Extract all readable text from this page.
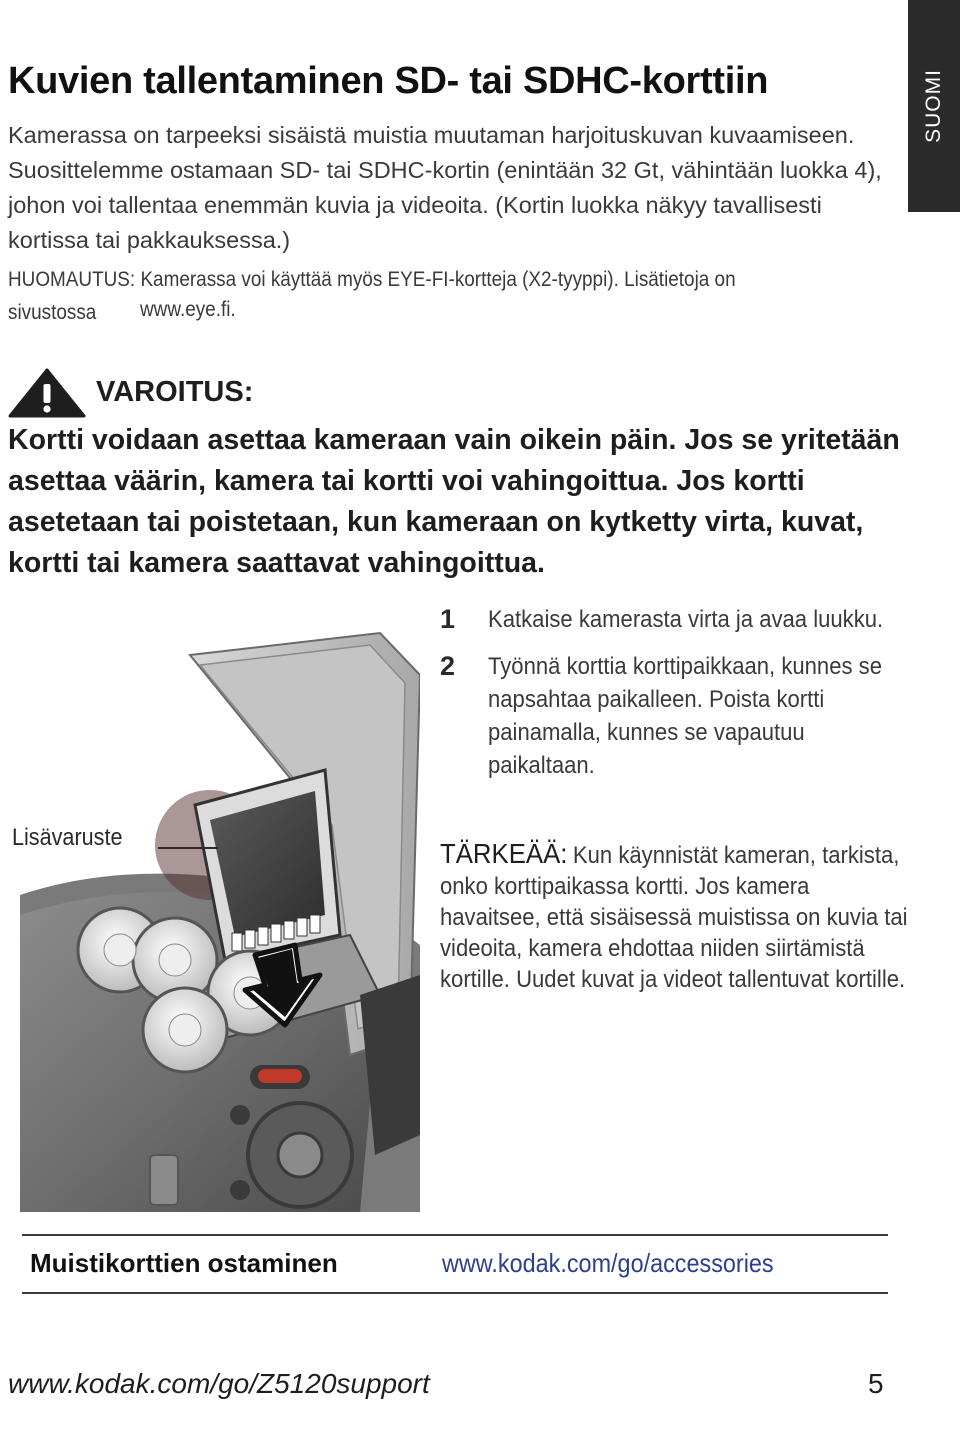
SUOMI
Kuvien tallentaminen SD- tai SDHC-korttiin

Kamerassa on tarpeeksi sisäistä muistia muutaman harjoituskuvan kuvaamiseen. Suosittelemme ostamaan SD- tai SDHC-kortin (enintään 32 Gt, vähintään luokka 4), johon voi tallentaa enemmän kuvia ja videoita. (Kortin luokka näkyy tavallisesti kortissa tai pakkauksessa.)

HUOMAUTUS: Kamerassa voi käyttää myös EYE-FI-kortteja (X2-tyyppi). Lisätietoja on sivustossa	www.eye.fi.
VAROITUS:

Kortti voidaan asettaa kameraan vain oikein päin. Jos se yritetään asettaa väärin, kamera tai kortti voi vahingoittua. Jos kortti asetetaan tai poistetaan, kun kameraan on kytketty virta, kuvat, kortti tai kamera saattavat vahingoittua.

Lisävaruste
1 Katkaise kamerasta virta ja avaa luukku.
2 Työnnä korttia korttipaikkaan, kunnes se napsahtaa paikalleen. Poista kortti painamalla, kunnes se vapautuu paikaltaan.
TÄRKEÄÄ: Kun käynnistät kameran, tarkista, onko korttipaikassa kortti. Jos kamera havaitsee, että sisäisessä muistissa on kuvia tai videoita, kamera ehdottaa niiden siirtämistä kortille. Uudet kuvat ja videot tallentuvat kortille.
Muistikorttien ostaminen	www.kodak.com/go/accessories
www.kodak.com/go/Z5120support	5
